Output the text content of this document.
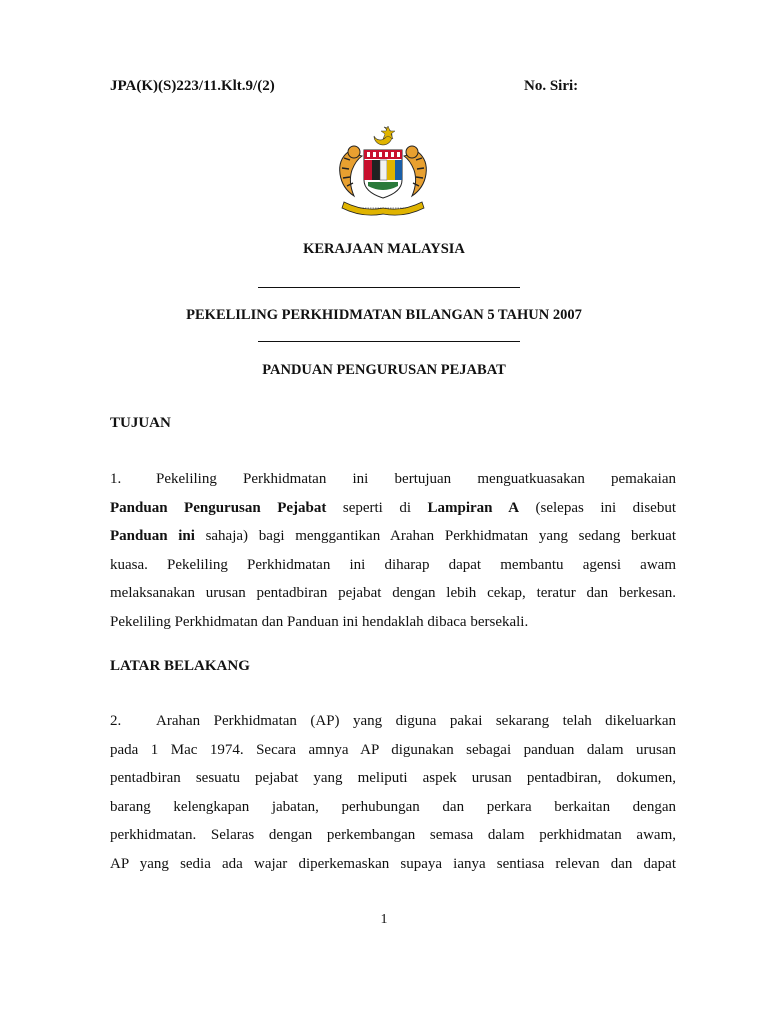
JPA(K)(S)223/11.Klt.9/(2)	No. Siri:
KERAJAAN MALAYSIA
PEKELILING PERKHIDMATAN BILANGAN 5 TAHUN 2007
PANDUAN PENGURUSAN PEJABAT
TUJUAN
1. Pekeliling Perkhidmatan ini bertujuan menguatkuasakan pemakaian
Panduan Pengurusan Pejabat seperti di Lampiran A (selepas ini disebut
Panduan ini sahaja) bagi menggantikan Arahan Perkhidmatan yang sedang berkuat
kuasa. Pekeliling Perkhidmatan ini diharap dapat membantu agensi awam
melaksanakan urusan pentadbiran pejabat dengan lebih cekap, teratur dan berkesan.
Pekeliling Perkhidmatan dan Panduan ini hendaklah dibaca bersekali.
LATAR BELAKANG
2. Arahan Perkhidmatan (AP) yang diguna pakai sekarang telah dikeluarkan
pada 1 Mac 1974. Secara amnya AP digunakan sebagai panduan dalam urusan
pentadbiran sesuatu pejabat yang meliputi aspek urusan pentadbiran, dokumen,
barang kelengkapan jabatan, perhubungan dan perkara berkaitan dengan
perkhidmatan. Selaras dengan perkembangan semasa dalam perkhidmatan awam,
AP yang sedia ada wajar diperkemaskan supaya ianya sentiasa relevan dan dapat
1
